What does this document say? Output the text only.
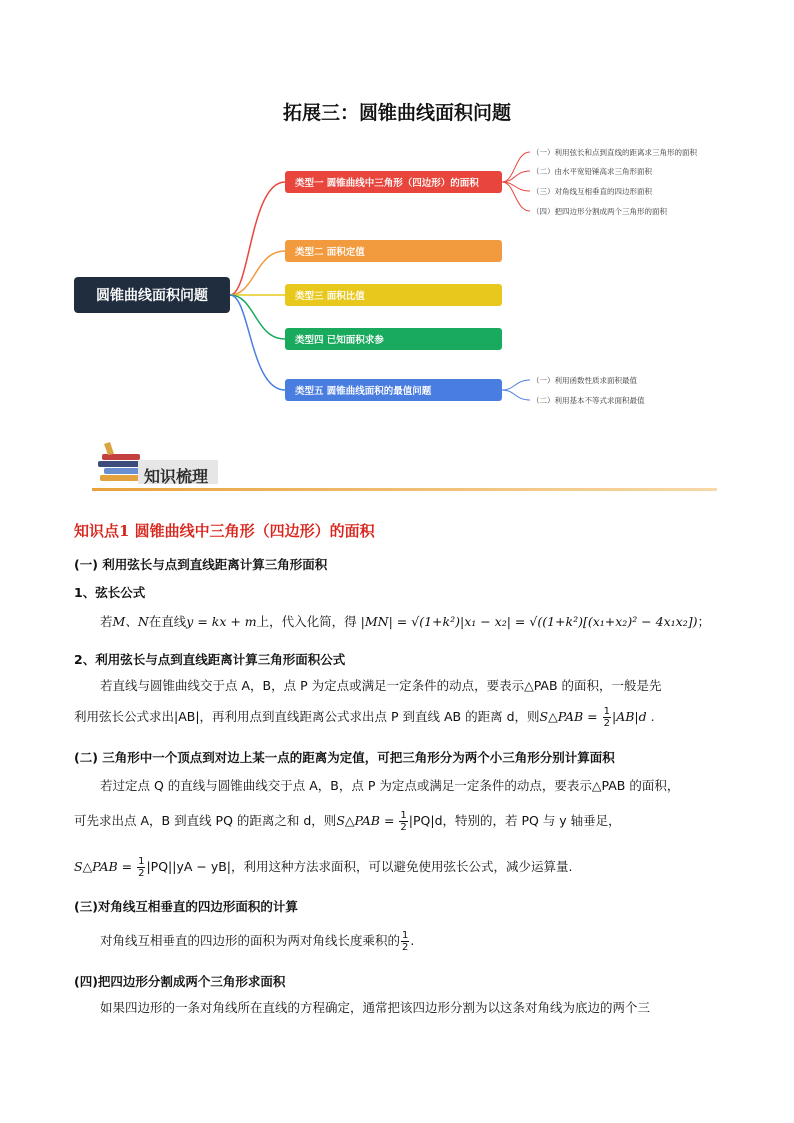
拓展三：圆锥曲线面积问题
圆锥曲线面积问题
类型一 圆锥曲线中三角形（四边形）的面积
类型二 面积定值
类型三 面积比值
类型四 已知面积求参
类型五 圆锥曲线面积的最值问题
（一）利用弦长和点到直线的距离求三角形的面积
（二）由水平宽铅锤高求三角形面积
（三）对角线互相垂直的四边形面积
（四）把四边形分割成两个三角形的面积
（一）利用函数性质求面积最值
（二）利用基本不等式求面积最值
知识梳理
知识点1 圆锥曲线中三角形（四边形）的面积
(一) 利用弦长与点到直线距离计算三角形面积
1、弦长公式
若M、N在直线y = kx + m上，代入化简，得 |MN| = √(1+k²)|x₁ − x₂| = √((1+k²)[(x₁+x₂)² − 4x₁x₂])；
2、利用弦长与点到直线距离计算三角形面积公式
若直线与圆锥曲线交于点 A，B，点 P 为定点或满足一定条件的动点，要表示△PAB 的面积，一般是先
利用弦长公式求出|AB|，再利用点到直线距离公式求出点 P 到直线 AB 的距离 d，则S△PAB = $\frac{1}{2} |AB|d$ .
(二) 三角形中一个顶点到对边上某一点的距离为定值，可把三角形分为两个小三角形分别计算面积
若过定点 Q 的直线与圆锥曲线交于点 A，B，点 P 为定点或满足一定条件的动点，要表示△PAB 的面积，
可先求出点 A，B 到直线 PQ 的距离之和 d，则S△PAB = $\frac{1}{2} |PQ|d$，特别的，若 PQ 与 y 轴垂足，
S△PAB = $\frac{1}{2} |PQ||yA - yB|$，利用这种方法求面积，可以避免使用弦长公式，减少运算量.
(三)对角线互相垂直的四边形面积的计算
对角线互相垂直的四边形的面积为两对角线长度乘积的 $\frac{1}{2}$ .
(四)把四边形分割成两个三角形求面积
如果四边形的一条对角线所在直线的方程确定，通常把该四边形分割为以这条对角线为底边的两个三
